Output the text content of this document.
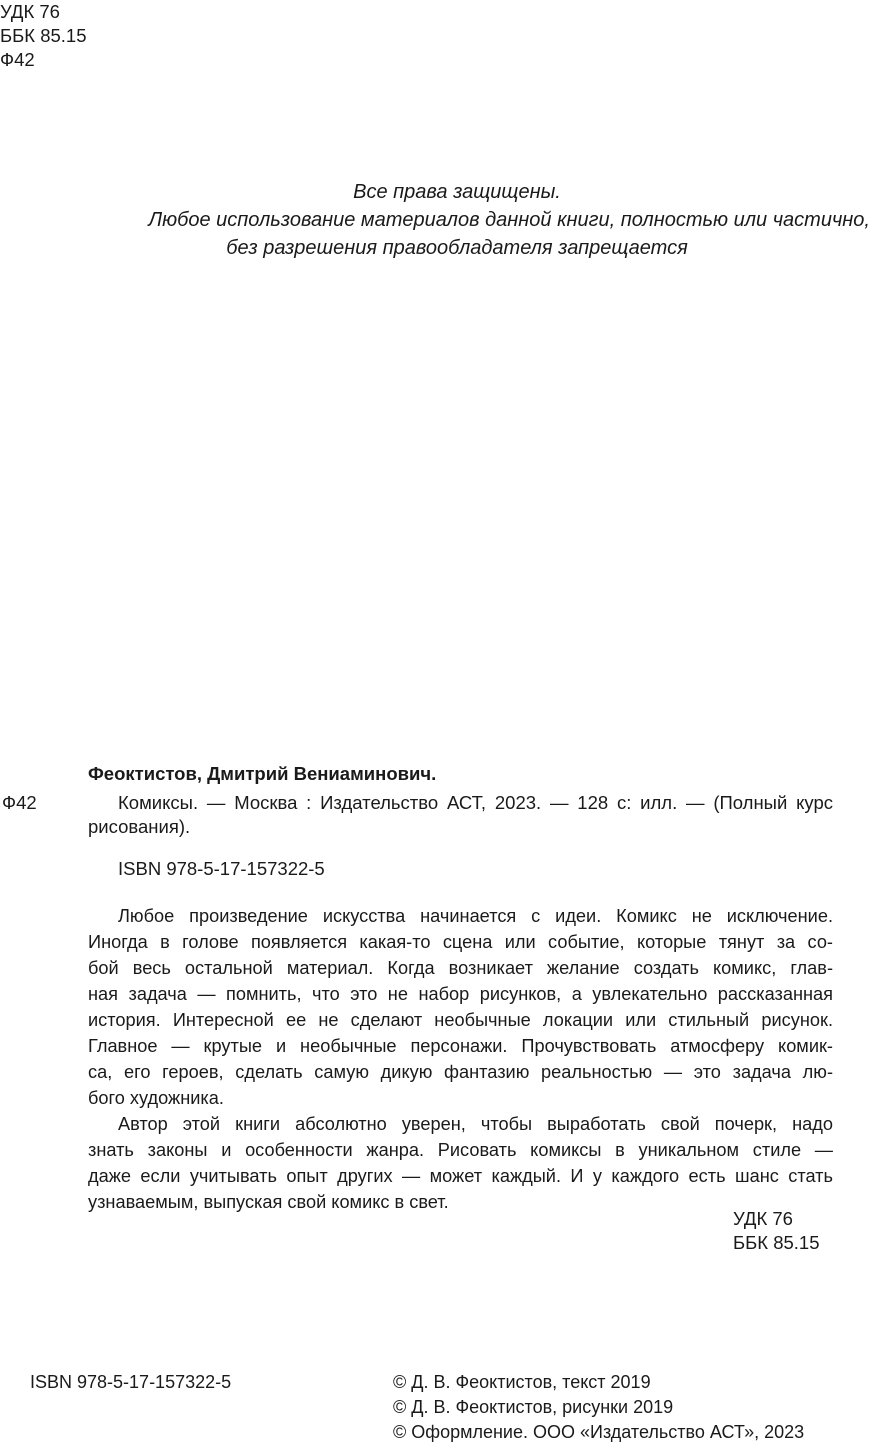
УДК 76
ББК 85.15
Ф42
Все права защищены.
Любое использование материалов данной книги, полностью или частично,
без разрешения правообладателя запрещается
Феоктистов, Дмитрий Вениаминович.
Ф42	Комиксы. — Москва : Издательство АСТ, 2023. — 128 с: илл. — (Полный курс рисования).
ISBN 978-5-17-157322-5
Любое произведение искусства начинается с идеи. Комикс не исключение.
Иногда в голове появляется какая-то сцена или событие, которые тянут за со-
бой весь остальной материал. Когда возникает желание создать комикс, глав-
ная задача — помнить, что это не набор рисунков, а увлекательно рассказанная
история. Интересной ее не сделают необычные локации или стильный рисунок.
Главное — крутые и необычные персонажи. Прочувствовать атмосферу комик-
са, его героев, сделать самую дикую фантазию реальностью — это задача лю-
бого художника.
Автор этой книги абсолютно уверен, чтобы выработать свой почерк, надо
знать законы и особенности жанра. Рисовать комиксы в уникальном стиле —
даже если учитывать опыт других — может каждый. И у каждого есть шанс стать
узнаваемым, выпуская свой комикс в свет.
УДК 76
ББК 85.15
ISBN 978-5-17-157322-5	© Д. В. Феоктистов, текст 2019
© Д. В. Феоктистов, рисунки 2019
© Оформление. ООО «Издательство АСТ», 2023
